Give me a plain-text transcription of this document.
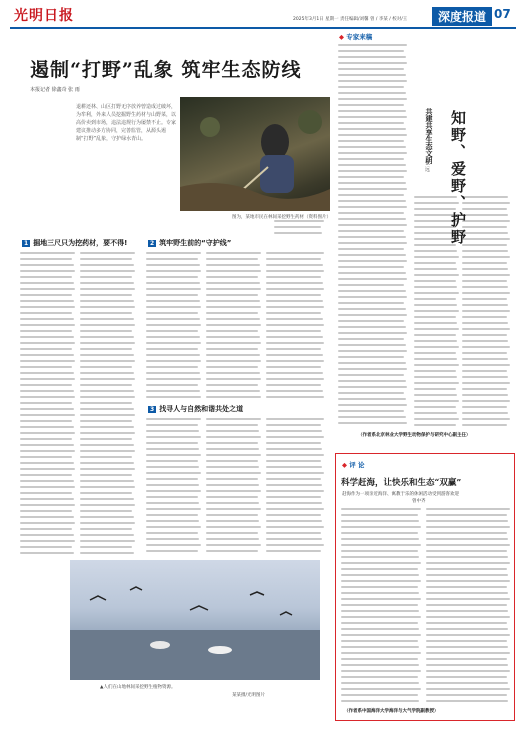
光明日报	2025年3月1日 星期一 责任编辑/刘馨 曾 / 李某 / 校对/王	深度报道 07
遏制“打野”乱象 筑牢生态防线
本报记者 徐鑫奇 张 雨
退耕还林、山区打野无序放养曾造成过破坏，为牟利，外来人员挖掘野生药材与山野菜，以高价卖到市场，违法违规行为屡禁不止。专家建议推动多方协同，完善监管，从源头遏制“打野”乱象，守护绿水青山。
图为，某地市民在林间采挖野生药材（资料图片）
1 掘地三尺只为挖药材，要不得!	2 筑牢野生前的“守护线”
3 找寻人与自然和谐共处之道
▲人们在山地林间采挖野生植物资源。
某某摄/光明图片
◆ 专家来稿
知野、爱野、护野
共建共享生态文明
张 远
（作者系北京林业大学野生动物保护与研究中心副主任）
◆ 评 论
科学赶海，让快乐和生态“双赢”
赶海作为一项亲近海洋、寓教于乐的休闲活动受到游客欢迎
曾中齐
（作者系中国海洋大学海洋与大气学院副教授）
